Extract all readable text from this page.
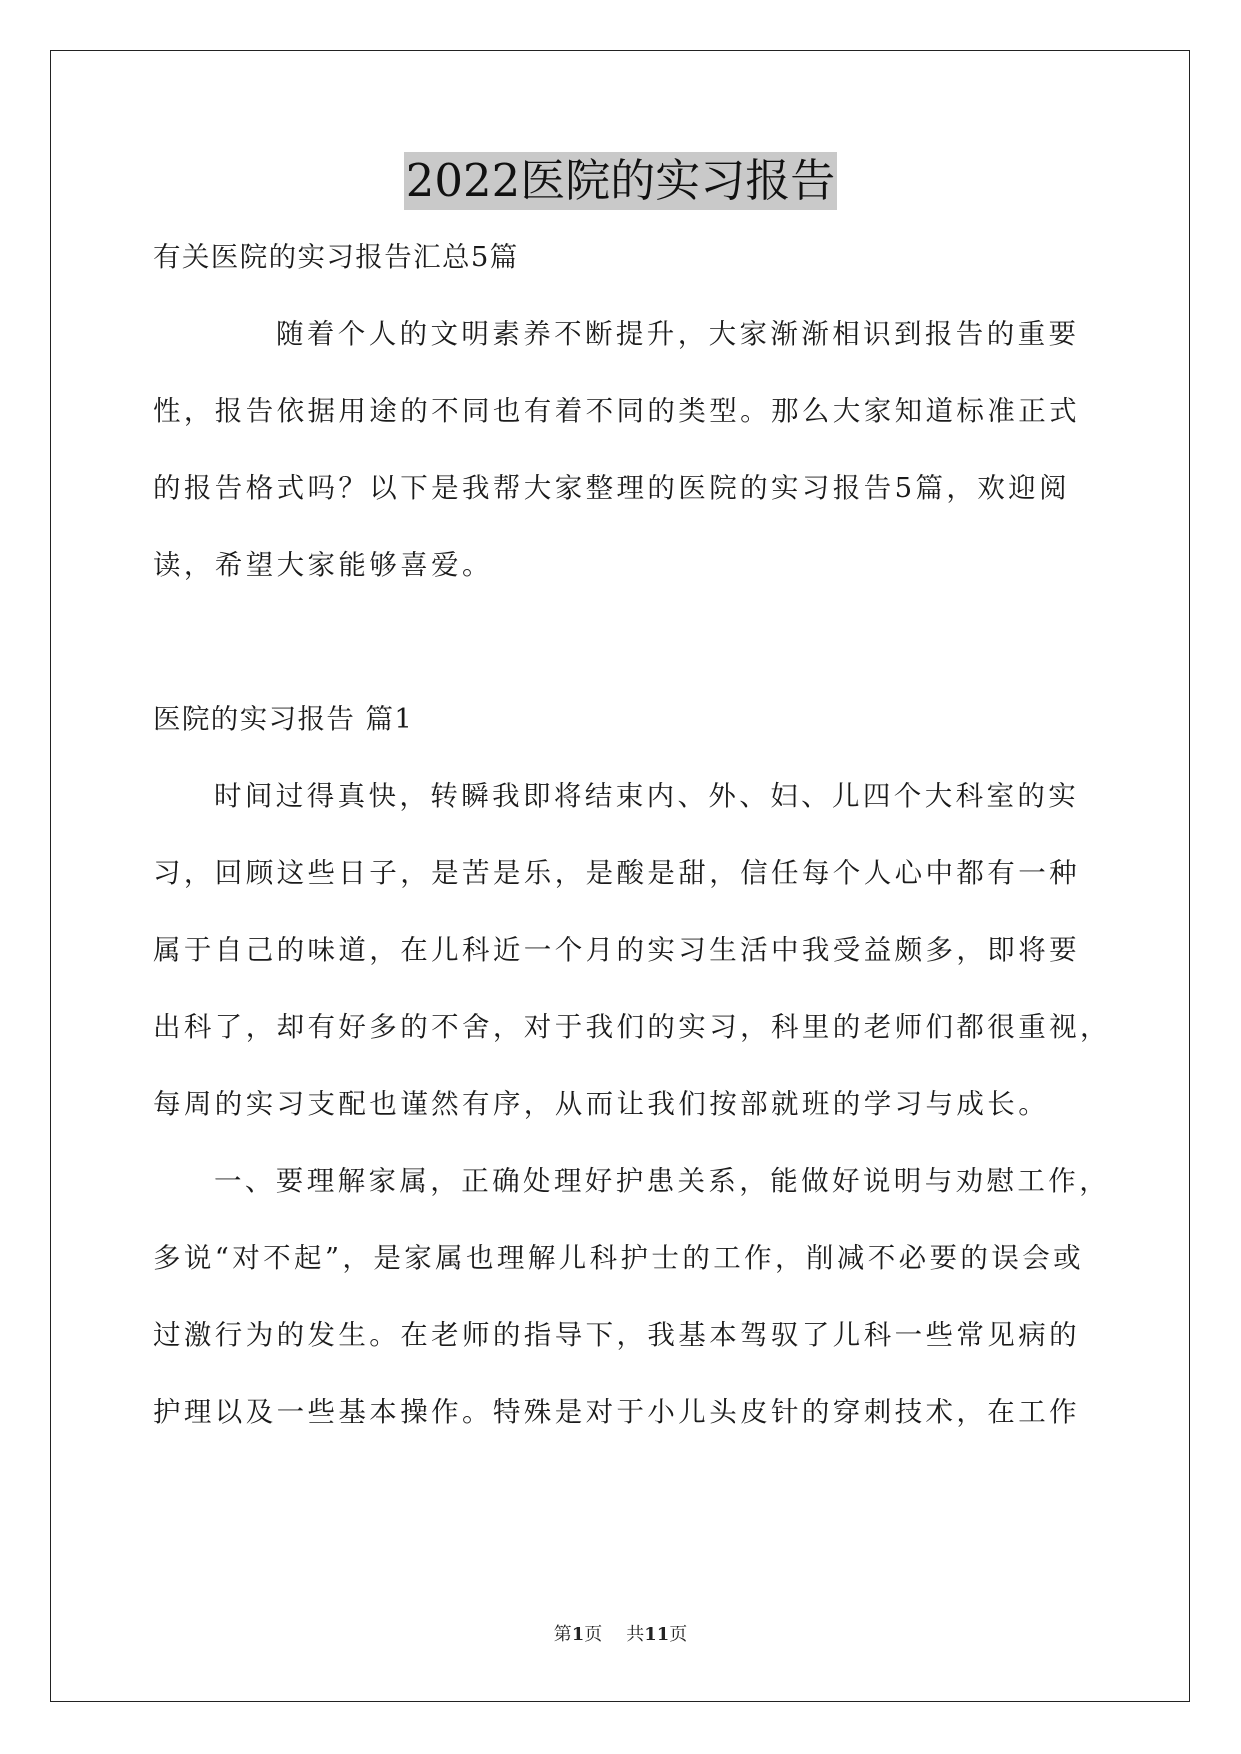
2022医院的实习报告
有关医院的实习报告汇总5篇
随着个人的文明素养不断提升，大家渐渐相识到报告的重要
性，报告依据用途的不同也有着不同的类型。那么大家知道标准正式
的报告格式吗？以下是我帮大家整理的医院的实习报告5篇，欢迎阅
读，希望大家能够喜爱。
医院的实习报告 篇1
时间过得真快，转瞬我即将结束内、外、妇、儿四个大科室的实
习，回顾这些日子，是苦是乐，是酸是甜，信任每个人心中都有一种
属于自己的味道，在儿科近一个月的实习生活中我受益颇多，即将要
出科了，却有好多的不舍，对于我们的实习，科里的老师们都很重视，
每周的实习支配也谨然有序，从而让我们按部就班的学习与成长。
一、要理解家属，正确处理好护患关系，能做好说明与劝慰工作，
多说“对不起”，是家属也理解儿科护士的工作，削减不必要的误会或
过激行为的发生。在老师的指导下，我基本驾驭了儿科一些常见病的
护理以及一些基本操作。特殊是对于小儿头皮针的穿刺技术，在工作
第1页 共11页
